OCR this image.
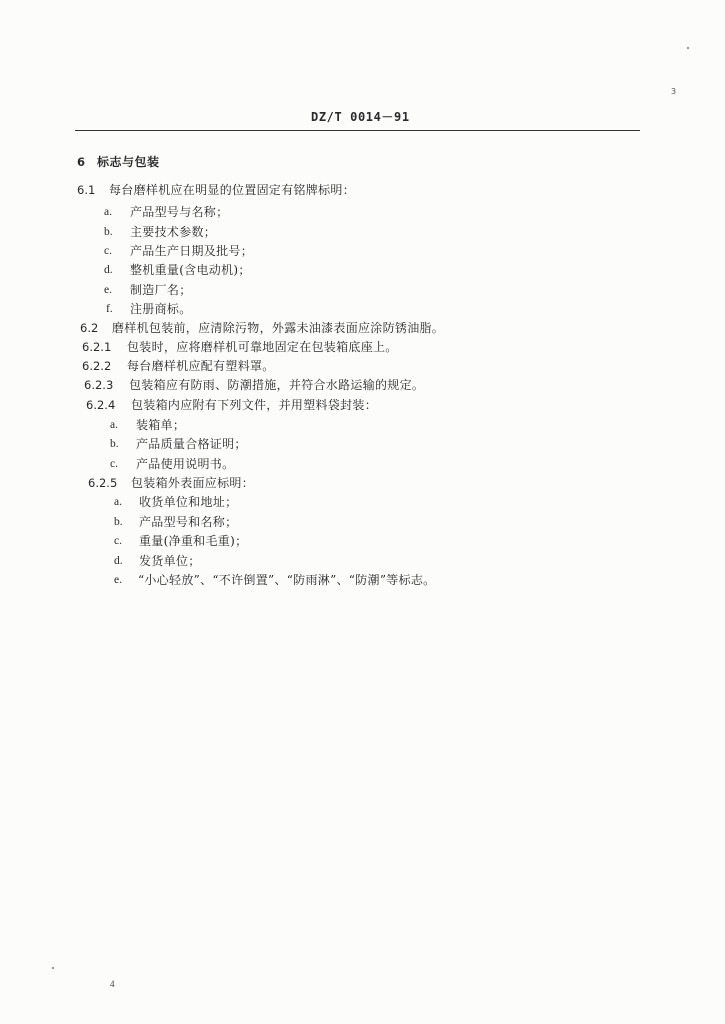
3
DZ/T 0014－91
6 标志与包装
6.1 每台磨样机应在明显的位置固定有铭牌标明：
a. 产品型号与名称；
b. 主要技术参数；
c. 产品生产日期及批号；
d. 整机重量(含电动机)；
e. 制造厂名；
f. 注册商标。
6.2 磨样机包装前，应清除污物，外露未油漆表面应涂防锈油脂。
6.2.1 包装时，应将磨样机可靠地固定在包装箱底座上。
6.2.2 每台磨样机应配有塑料罩。
6.2.3 包装箱应有防雨、防潮措施，并符合水路运输的规定。
6.2.4 包装箱内应附有下列文件，并用塑料袋封装：
a. 装箱单；
b. 产品质量合格证明；
c. 产品使用说明书。
6.2.5 包装箱外表面应标明：
a. 收货单位和地址；
b. 产品型号和名称；
c. 重量(净重和毛重)；
d. 发货单位；
e. “小心轻放”、“不许倒置”、“防雨淋”、“防潮”等标志。
4
